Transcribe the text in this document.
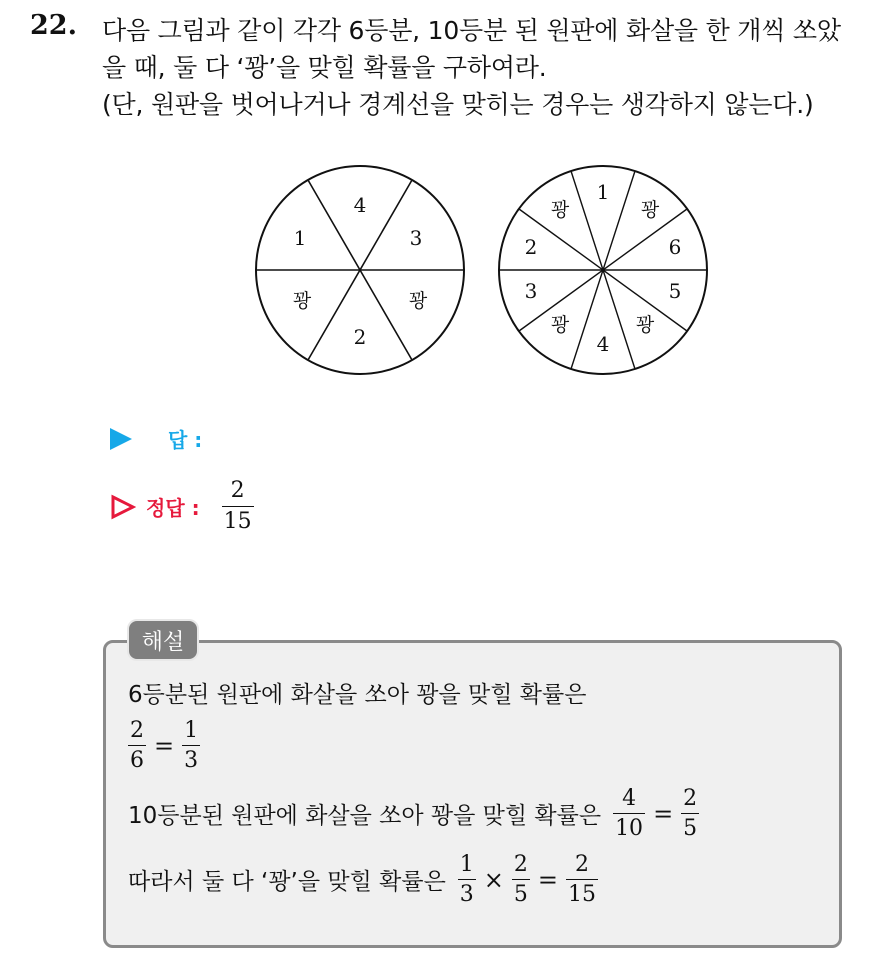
22. 다음 그림과 같이 각각 6등분, 10등분 된 원판에 화살을 한 개씩 쏘았
을 때, 둘 다 ‘꽝’을 맞힐 확률을 구하여라.
(단, 원판을 벗어나거나 경계선을 맞히는 경우는 생각하지 않는다.)
4
3
꽝
2
꽝
1
1
꽝
6
5
꽝
4
꽝
3
2
꽝
답 :
정답 : $\frac{2}{15}$
해설
6등분된 원판에 화살을 쏘아 꽝을 맞힐 확률은
$\frac{2}{6} = \frac{1}{3}$
10등분된 원판에 화살을 쏘아 꽝을 맞힐 확률은 $\frac{4}{10} = \frac{2}{5}$
따라서 둘 다 ‘꽝’을 맞힐 확률은 $\frac{1}{3} \times \frac{2}{5} = \frac{2}{15}$
